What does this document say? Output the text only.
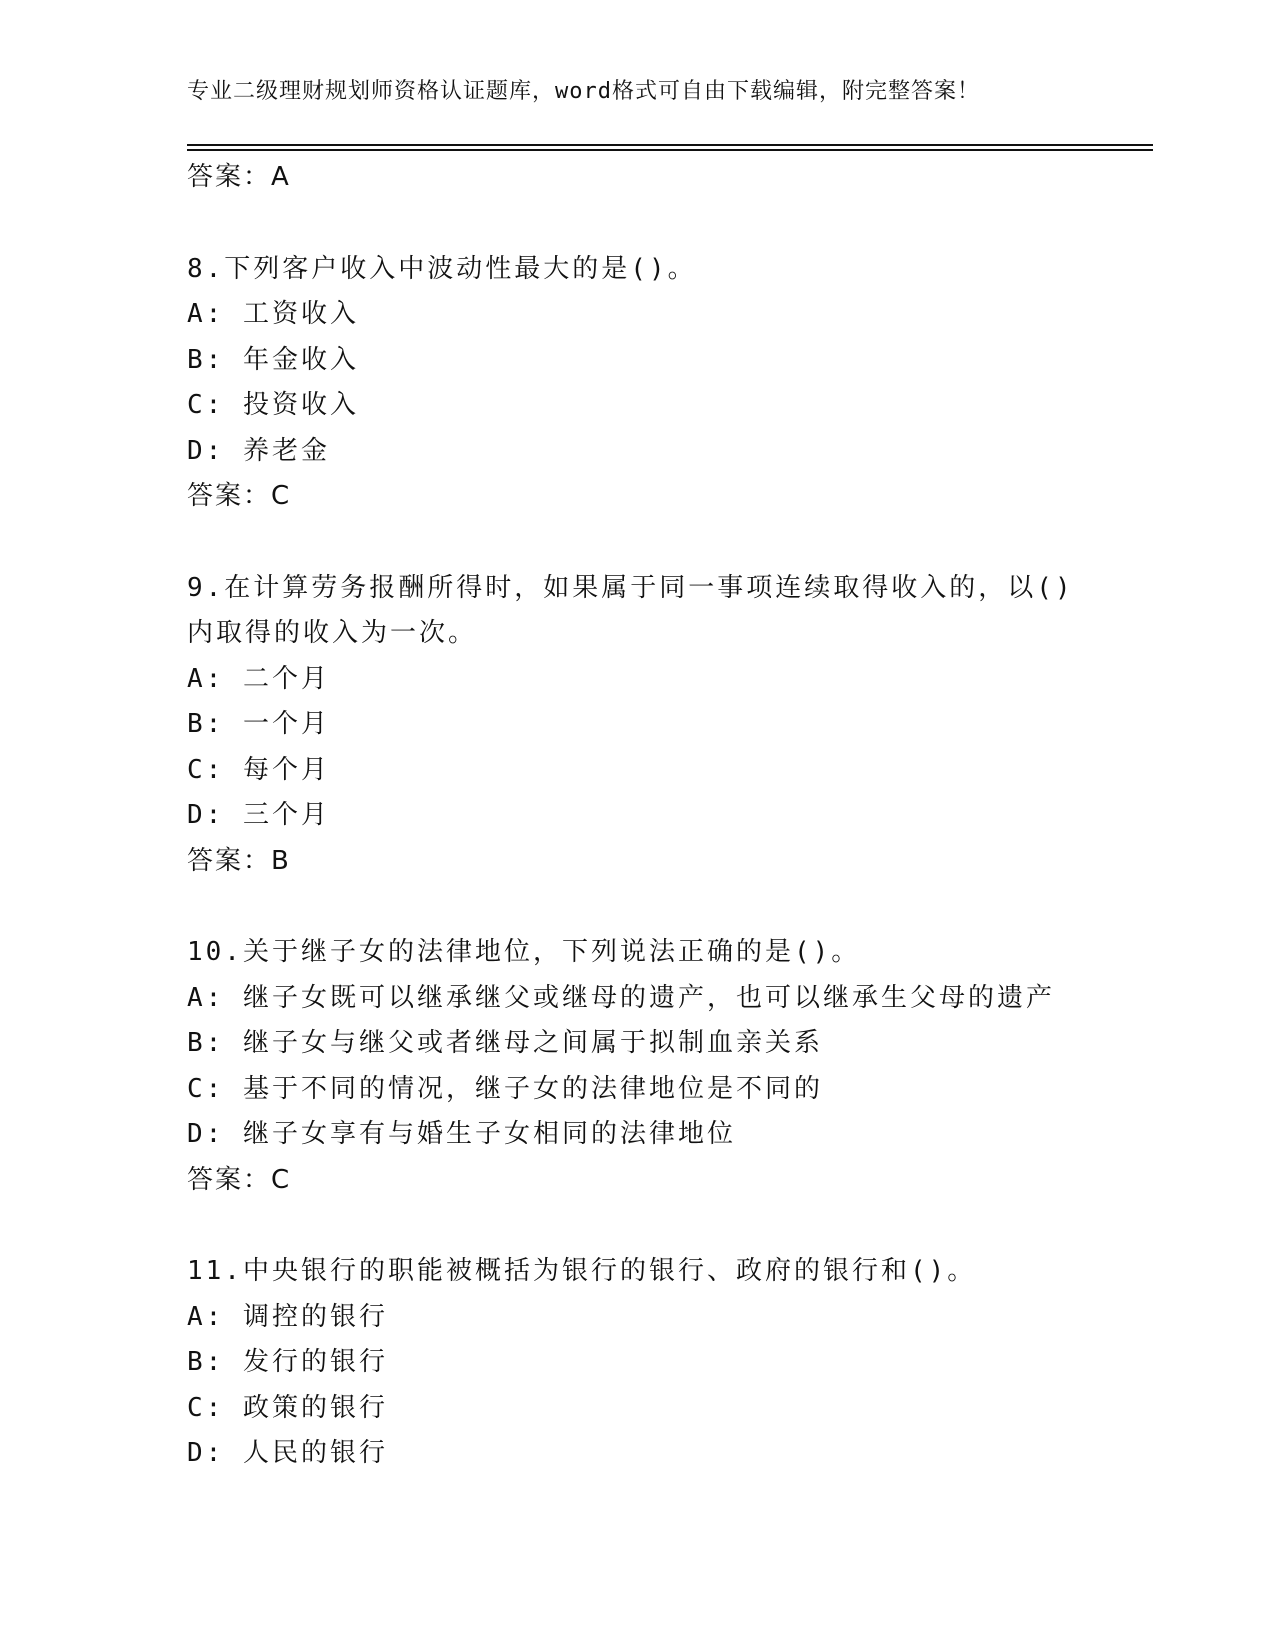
专业二级理财规划师资格认证题库，word格式可自由下载编辑，附完整答案！
答案：A
8.下列客户收入中波动性最大的是()。
A: 工资收入
B: 年金收入
C: 投资收入
D: 养老金
答案：C
9.在计算劳务报酬所得时，如果属于同一事项连续取得收入的，以()
内取得的收入为一次。
A: 二个月
B: 一个月
C: 每个月
D: 三个月
答案：B
10.关于继子女的法律地位，下列说法正确的是()。
A: 继子女既可以继承继父或继母的遗产，也可以继承生父母的遗产
B: 继子女与继父或者继母之间属于拟制血亲关系
C: 基于不同的情况，继子女的法律地位是不同的
D: 继子女享有与婚生子女相同的法律地位
答案：C
11.中央银行的职能被概括为银行的银行、政府的银行和()。
A: 调控的银行
B: 发行的银行
C: 政策的银行
D: 人民的银行
